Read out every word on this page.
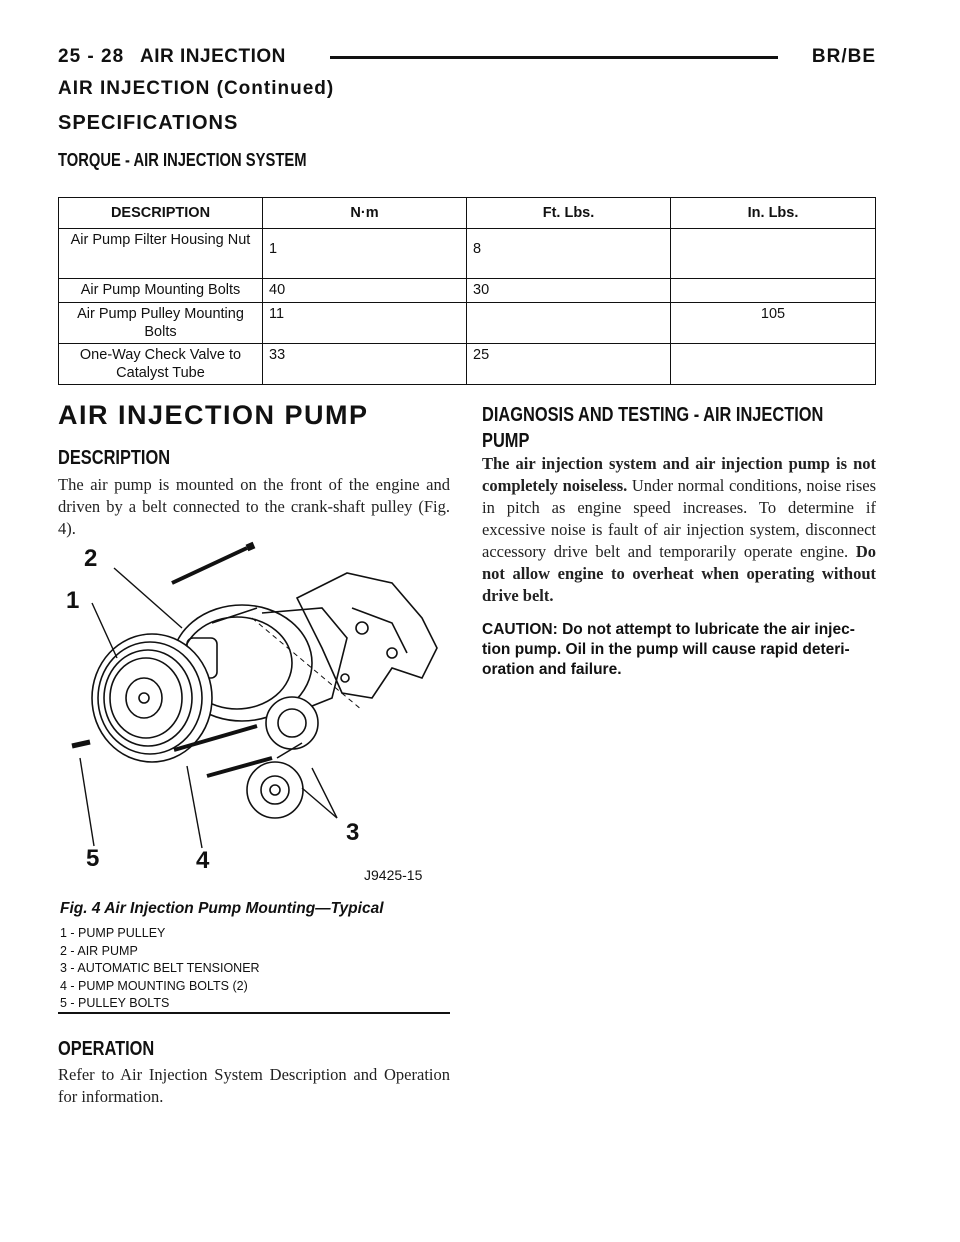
25 - 28 AIR INJECTION	BR/BE
AIR INJECTION (Continued)
SPECIFICATIONS
TORQUE - AIR INJECTION SYSTEM
DESCRIPTION	N·m	Ft. Lbs.	In. Lbs.
Air Pump Filter Housing Nut	1	8	
Air Pump Mounting Bolts	40	30	
Air Pump Pulley Mounting Bolts	11		105
One-Way Check Valve to Catalyst Tube	33	25	
AIR INJECTION PUMP
DESCRIPTION
The air pump is mounted on the front of the engine and driven by a belt connected to the crank-shaft pulley (Fig. 4).
2
1
3
4
5
J9425-15
Fig. 4 Air Injection Pump Mounting—Typical
1 - PUMP PULLEY
2 - AIR PUMP
3 - AUTOMATIC BELT TENSIONER
4 - PUMP MOUNTING BOLTS (2)
5 - PULLEY BOLTS
OPERATION
Refer to Air Injection System Description and Operation for information.
DIAGNOSIS AND TESTING - AIR INJECTION
PUMP
The air injection system and air injection pump is not completely noiseless. Under normal conditions, noise rises in pitch as engine speed increases. To determine if excessive noise is fault of air injection system, disconnect accessory drive belt and temporarily operate engine. Do not allow engine to overheat when operating without drive belt.
CAUTION: Do not attempt to lubricate the air injec-tion pump. Oil in the pump will cause rapid deteri-oration and failure.
